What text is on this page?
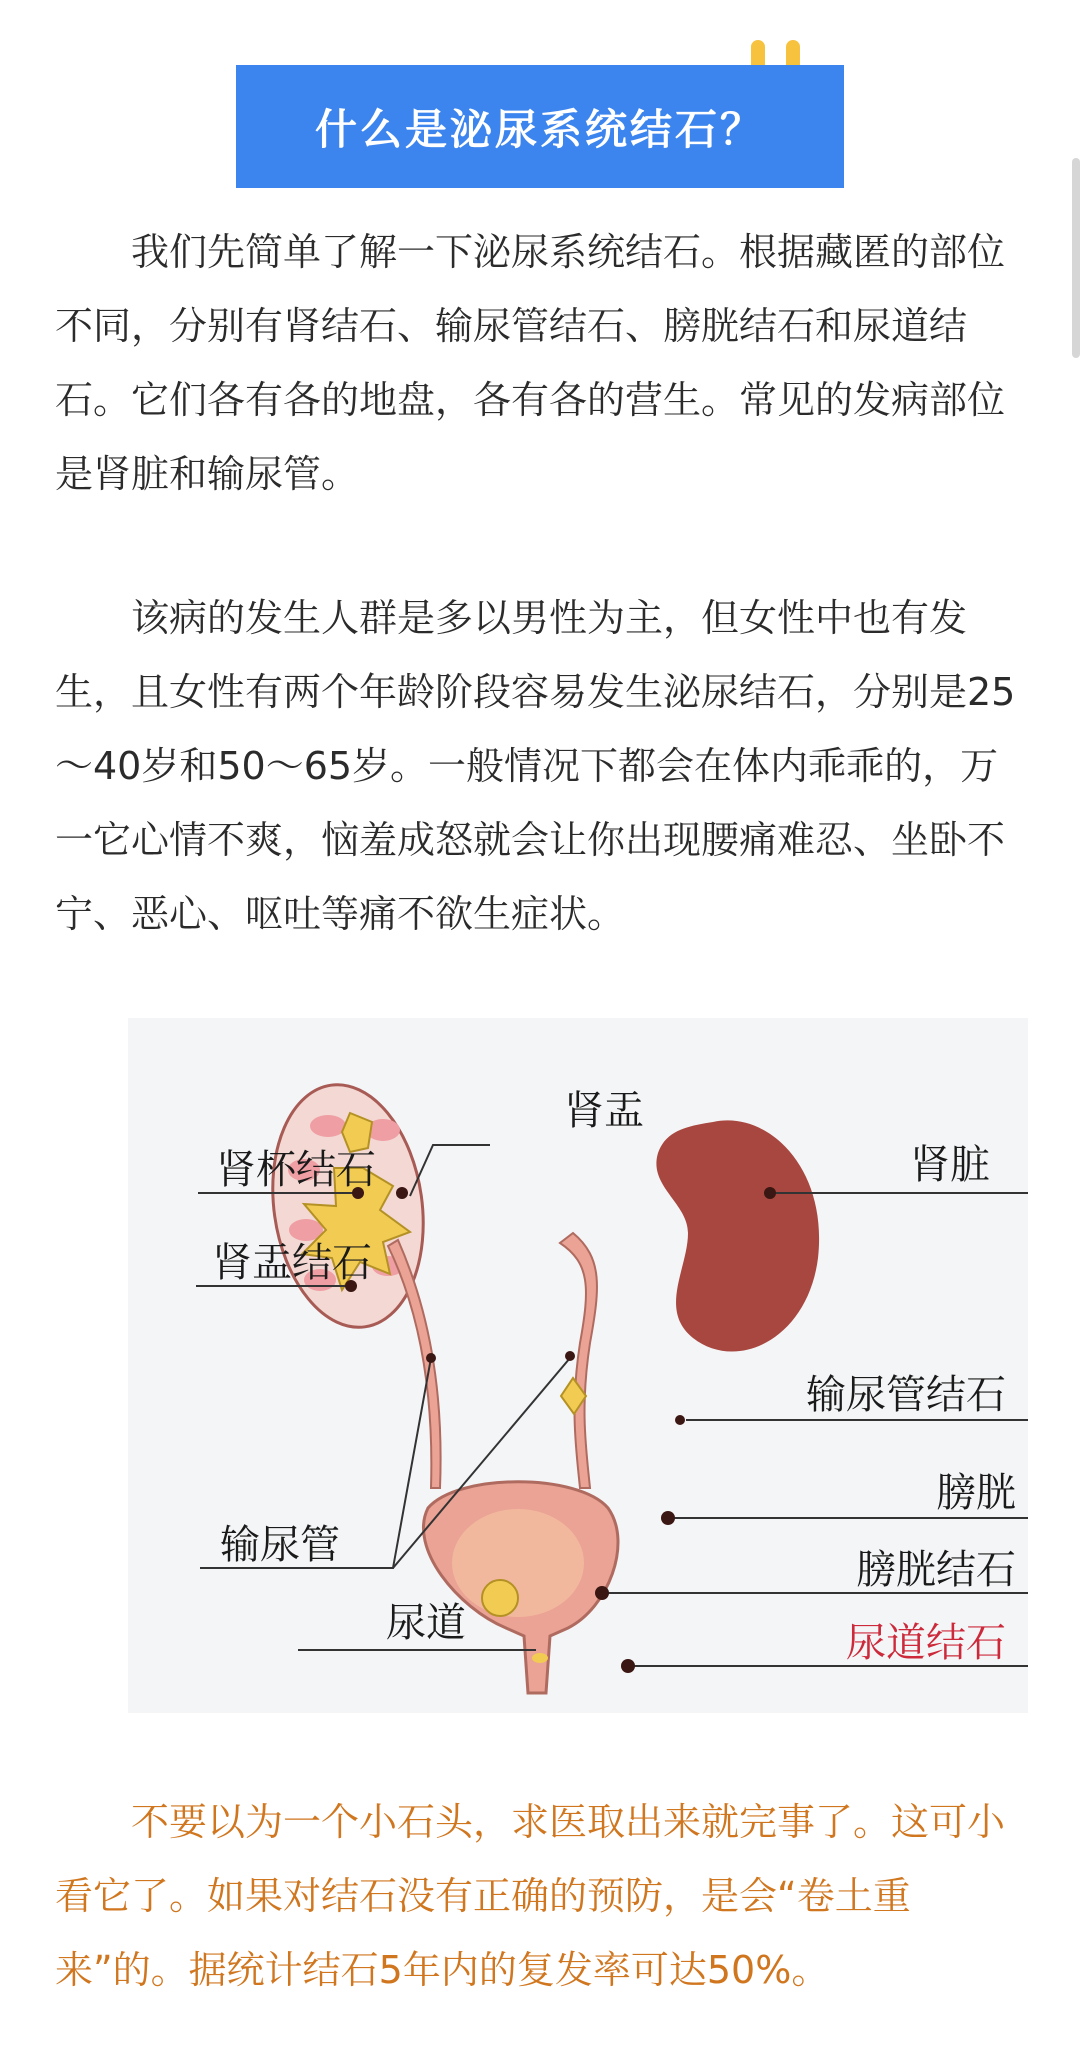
什么是泌尿系统结石？

我们先简单了解一下泌尿系统结石。根据藏匿的部位不同，分别有肾结石、输尿管结石、膀胱结石和尿道结石。它们各有各的地盘，各有各的营生。常见的发病部位是肾脏和输尿管。

该病的发生人群是多以男性为主，但女性中也有发生，且女性有两个年龄阶段容易发生泌尿结石，分别是25～40岁和50～65岁。一般情况下都会在体内乖乖的，万一它心情不爽，恼羞成怒就会让你出现腰痛难忍、坐卧不宁、恶心、呕吐等痛不欲生症状。

肾杯结石
肾盂
肾脏
肾盂结石
输尿管结石
膀胱
输尿管
膀胱结石
尿道	尿道结石

不要以为一个小石头，求医取出来就完事了。这可小看它了。如果对结石没有正确的预防，是会“卷土重来”的。据统计结石5年内的复发率可达50%。
